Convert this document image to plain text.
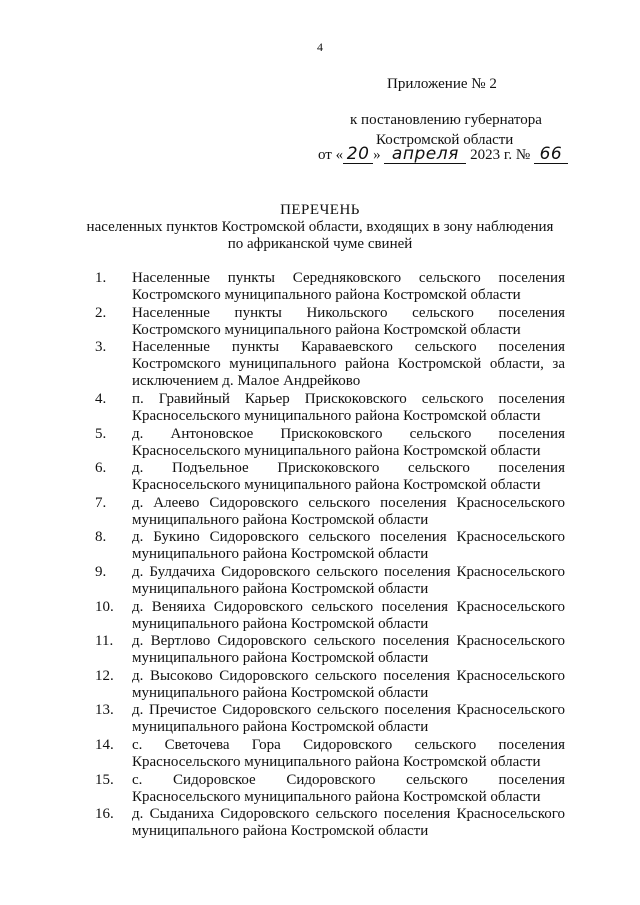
4
Приложение № 2
к постановлению губернатора
Костромской области
от « 20 » апреля 2023 г. № 66
ПЕРЕЧЕНЬ
населенных пунктов Костромской области, входящих в зону наблюдения
по африканской чуме свиней
1.	Населенные пункты Середняковского сельского поселения
Костромского муниципального района Костромской области
2.	Населенные пункты Никольского сельского поселения
Костромского муниципального района Костромской области
3.	Населенные пункты Караваевского сельского поселения
Костромского муниципального района Костромской области, за исключением д. Малое Андрейково
4.	п. Гравийный Карьер Прискоковского сельского поселения
Красносельского муниципального района Костромской области
5.	д. Антоновское Прискоковского сельского поселения
Красносельского муниципального района Костромской области
6.	д. Подъельное Прискоковского сельского поселения
Красносельского муниципального района Костромской области
7.	д. Алеево Сидоровского сельского поселения Красносельского
муниципального района Костромской области
8.	д. Букино Сидоровского сельского поселения Красносельского
муниципального района Костромской области
9.	д. Булдачиха Сидоровского сельского поселения Красносельского
муниципального района Костромской области
10.	д. Веняиха Сидоровского сельского поселения Красносельского
муниципального района Костромской области
11.	д. Вертлово Сидоровского сельского поселения Красносельского
муниципального района Костромской области
12.	д. Высоково Сидоровского сельского поселения Красносельского
муниципального района Костромской области
13.	д. Пречистое Сидоровского сельского поселения Красносельского
муниципального района Костромской области
14.	с. Светочева Гора Сидоровского сельского поселения
Красносельского муниципального района Костромской области
15.	с. Сидоровское Сидоровского сельского поселения
Красносельского муниципального района Костромской области
16.	д. Сыданиха Сидоровского сельского поселения Красносельского
муниципального района Костромской области
